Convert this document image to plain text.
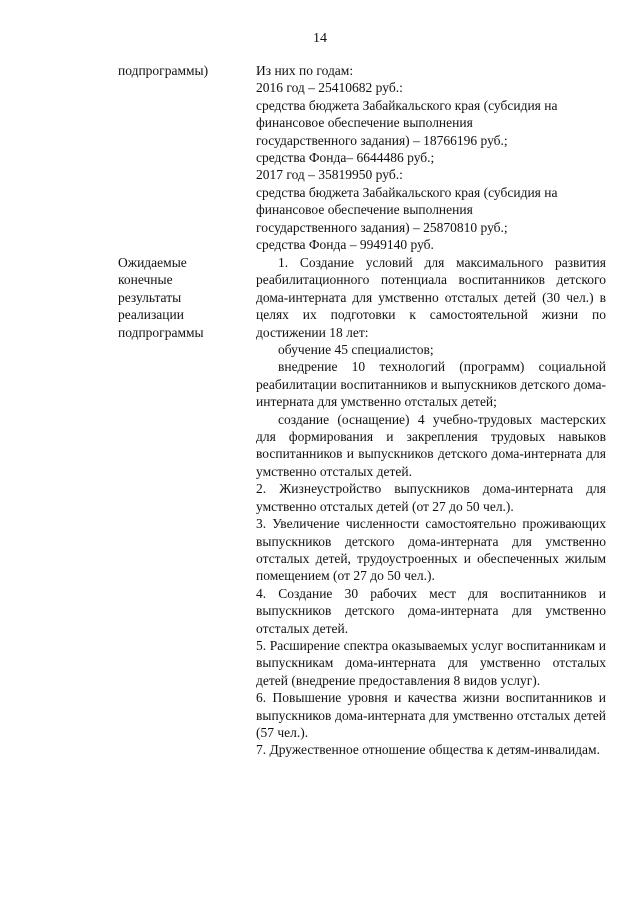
14
подпрограммы)	Из них по годам:
2016 год – 25410682 руб.:
средства бюджета Забайкальского края (субсидия на
финансовое обеспечение выполнения
государственного задания) – 18766196 руб.;
средства Фонда– 6644486 руб.;
2017 год – 35819950 руб.:
средства бюджета Забайкальского края (субсидия на
финансовое обеспечение выполнения
государственного задания) – 25870810 руб.;
средства Фонда – 9949140 руб.
Ожидаемые
конечные
результаты
реализации
подпрограммы

1. Создание условий для максимального развития реабилитационного потенциала воспитанников детского дома-интерната для умственно отсталых детей (30 чел.) в целях их подготовки к самостоятельной жизни по достижении 18 лет:

обучение 45 специалистов;

внедрение 10 технологий (программ) социальной реабилитации воспитанников и выпускников детского дома-интерната для умственно отсталых детей;

создание (оснащение) 4 учебно-трудовых мастерских для формирования и закрепления трудовых навыков воспитанников и выпускников детского дома-интерната для умственно отсталых детей.

2. Жизнеустройство выпускников дома-интерната для умственно отсталых детей (от 27 до 50 чел.).

3. Увеличение численности самостоятельно проживающих выпускников детского дома-интерната для умственно отсталых детей, трудоустроенных и обеспеченных жилым помещением (от 27 до 50 чел.).

4. Создание 30 рабочих мест для воспитанников и выпускников детского дома-интерната для умственно отсталых детей.

5. Расширение спектра оказываемых услуг воспитанникам и выпускникам дома-интерната для умственно отсталых детей (внедрение предоставления 8 видов услуг).

6. Повышение уровня и качества жизни воспитанников и выпускников дома-интерната для умственно отсталых детей (57 чел.).

7. Дружественное отношение общества к детям-инвалидам.
